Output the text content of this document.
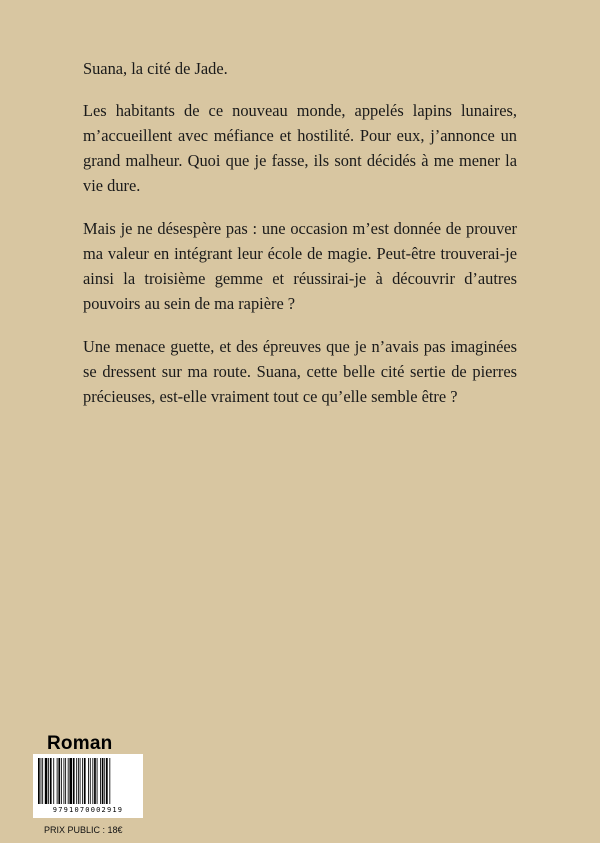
Suana, la cité de Jade.

Les habitants de ce nouveau monde, appelés lapins lunaires, m’accueillent avec méfiance et hostilité. Pour eux, j’annonce un grand malheur. Quoi que je fasse, ils sont décidés à me mener la vie dure.

Mais je ne désespère pas : une occasion m’est donnée de prouver ma valeur en intégrant leur école de magie. Peut-être trouverai-je ainsi la troisième gemme et réussirai-je à découvrir d’autres pouvoirs au sein de ma rapière ?

Une menace guette, et des épreuves que je n’avais pas imaginées se dressent sur ma route. Suana, cette belle cité sertie de pierres précieuses, est-elle vraiment tout ce qu’elle semble être ?

Roman
9791070002919
PRIX PUBLIC : 18€
